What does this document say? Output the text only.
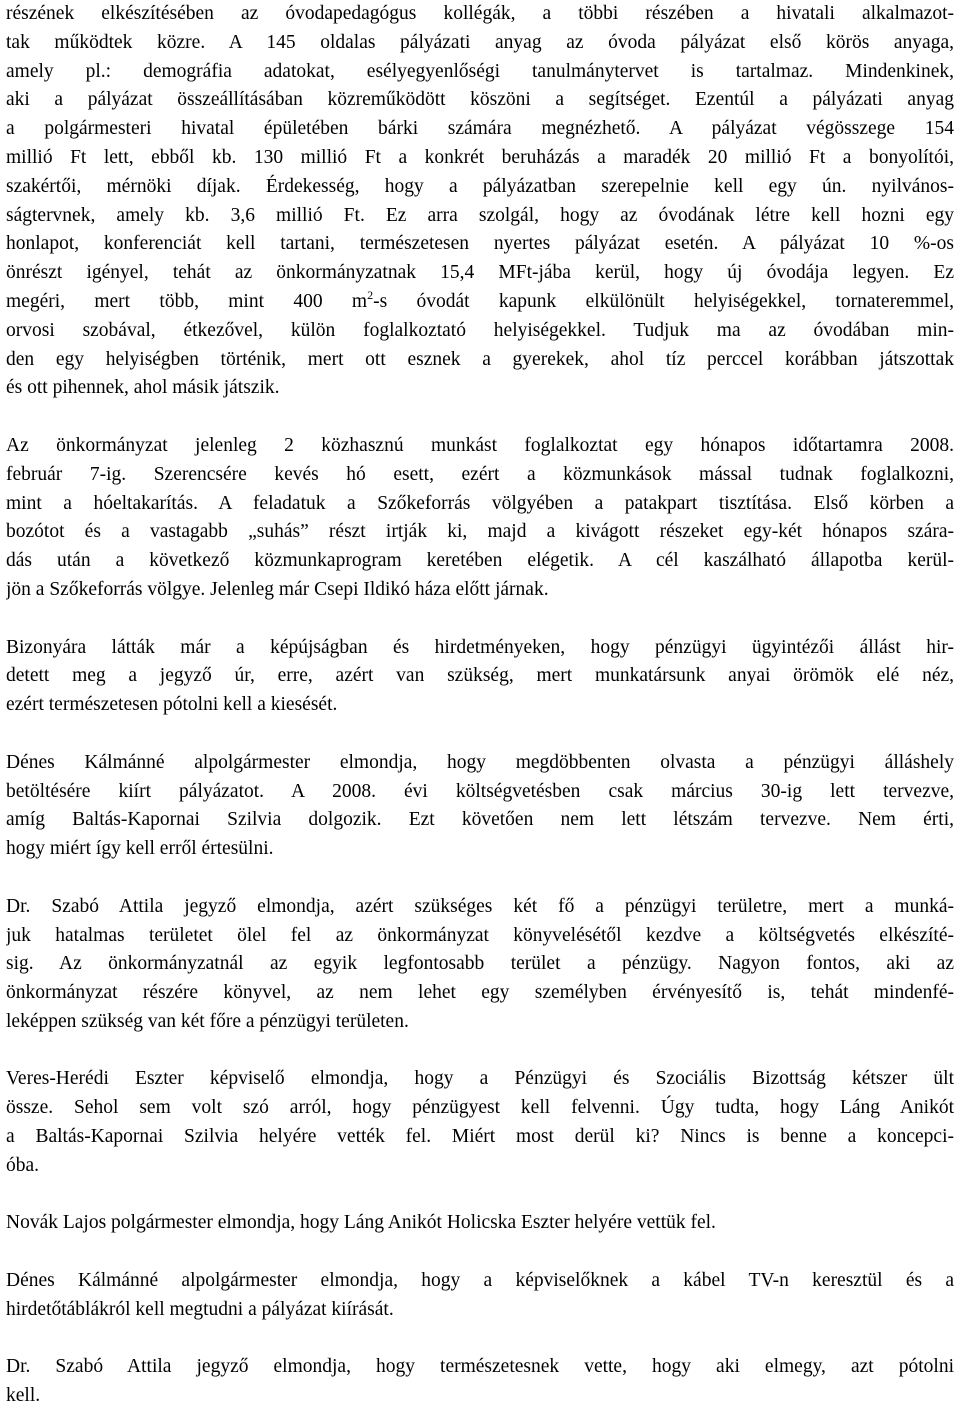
részének elkészítésében az óvodapedagógus kollégák, a többi részében a hivatali alkalmazot-
tak működtek közre. A 145 oldalas pályázati anyag az óvoda pályázat első körös anyaga,
amely pl.: demográfia adatokat, esélyegyenlőségi tanulmánytervet is tartalmaz. Mindenkinek,
aki a pályázat összeállításában közreműködött köszöni a segítséget. Ezentúl a pályázati anyag
a polgármesteri hivatal épületében bárki számára megnézhető. A pályázat végösszege 154
millió Ft lett, ebből kb. 130 millió Ft a konkrét beruházás a maradék 20 millió Ft a bonyolítói,
szakértői, mérnöki díjak. Érdekesség, hogy a pályázatban szerepelnie kell egy ún. nyilvános-
ságtervnek, amely kb. 3,6 millió Ft. Ez arra szolgál, hogy az óvodának létre kell hozni egy
honlapot, konferenciát kell tartani, természetesen nyertes pályázat esetén. A pályázat 10 %-os
önrészt igényel, tehát az önkormányzatnak 15,4 MFt-jába kerül, hogy új óvodája legyen. Ez
megéri, mert több, mint 400 $m^2-s$ óvodát kapunk elkülönült helyiségekkel, tornateremmel,
orvosi szobával, étkezővel, külön foglalkoztató helyiségekkel. Tudjuk ma az óvodában min-
den egy helyiségben történik, mert ott esznek a gyerekek, ahol tíz perccel korábban játszottak
és ott pihennek, ahol másik játszik.
Az önkormányzat jelenleg 2 közhasznú munkást foglalkoztat egy hónapos időtartamra 2008.
február 7-ig. Szerencsére kevés hó esett, ezért a közmunkások mással tudnak foglalkozni,
mint a hóeltakarítás. A feladatuk a Szőkeforrás völgyében a patakpart tisztítása. Első körben a
bozótot és a vastagabb „suhás” részt irtják ki, majd a kivágott részeket egy-két hónapos szára-
dás után a következő közmunkaprogram keretében elégetik. A cél kaszálható állapotba kerül-
jön a Szőkeforrás völgye. Jelenleg már Csepi Ildikó háza előtt járnak.
Bizonyára látták már a képújságban és hirdetményeken, hogy pénzügyi ügyintézői állást hir-
detett meg a jegyző úr, erre, azért van szükség, mert munkatársunk anyai örömök elé néz,
ezért természetesen pótolni kell a kiesését.
Dénes Kálmánné alpolgármester elmondja, hogy megdöbbenten olvasta a pénzügyi álláshely
betöltésére kiírt pályázatot. A 2008. évi költségvetésben csak március 30-ig lett tervezve,
amíg Baltás-Kapornai Szilvia dolgozik. Ezt követően nem lett létszám tervezve. Nem érti,
hogy miért így kell erről értesülni.
Dr. Szabó Attila jegyző elmondja, azért szükséges két fő a pénzügyi területre, mert a munká-
juk hatalmas területet ölel fel az önkormányzat könyvelésétől kezdve a költségvetés elkészíté-
sig. Az önkormányzatnál az egyik legfontosabb terület a pénzügy. Nagyon fontos, aki az
önkormányzat részére könyvel, az nem lehet egy személyben érvényesítő is, tehát mindenfé-
leképpen szükség van két főre a pénzügyi területen.
Veres-Herédi Eszter képviselő elmondja, hogy a Pénzügyi és Szociális Bizottság kétszer ült
össze. Sehol sem volt szó arról, hogy pénzügyest kell felvenni. Úgy tudta, hogy Láng Anikót
a Baltás-Kapornai Szilvia helyére vették fel. Miért most derül ki? Nincs is benne a koncepci-
óba.
Novák Lajos polgármester elmondja, hogy Láng Anikót Holicska Eszter helyére vettük fel.
Dénes Kálmánné alpolgármester elmondja, hogy a képviselőknek a kábel TV-n keresztül és a
hirdetőtáblákról kell megtudni a pályázat kiírását.
Dr. Szabó Attila jegyző elmondja, hogy természetesnek vette, hogy aki elmegy, azt pótolni
kell.
